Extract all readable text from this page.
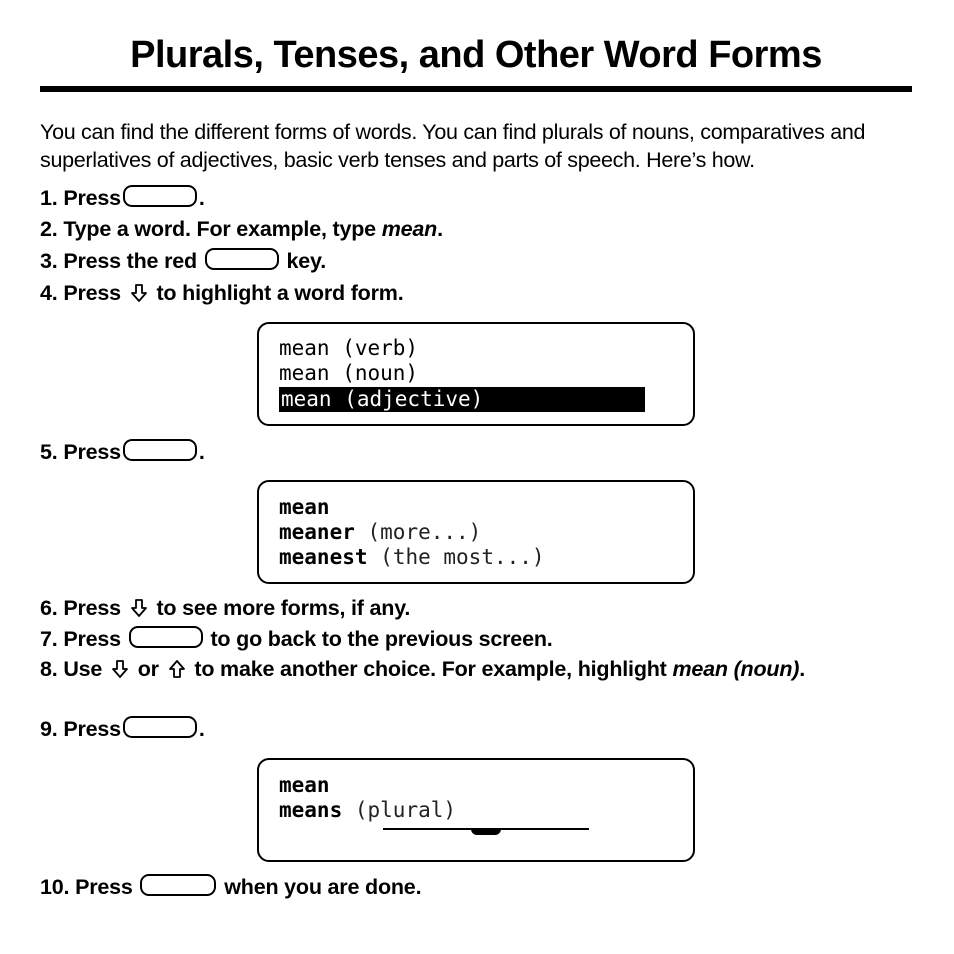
Plurals, Tenses, and Other Word Forms
You can find the different forms of words. You can find plurals of nouns, comparatives and superlatives of adjectives, basic verb tenses and parts of speech. Here’s how.
1. Press	.
2. Type a word. For example, type mean.
3. Press the red	key.
4. Press to highlight a word form.
mean (verb)
mean (noun)
mean (adjective)
5. Press	.
mean
meaner (more...)
meanest (the most...)
6. Press to see more forms, if any.
7. Press	to go back to the previous screen.
8. Use or to make another choice. For example, highlight mean (noun).
9. Press	.
mean
means (plural)
10. Press	when you are done.
